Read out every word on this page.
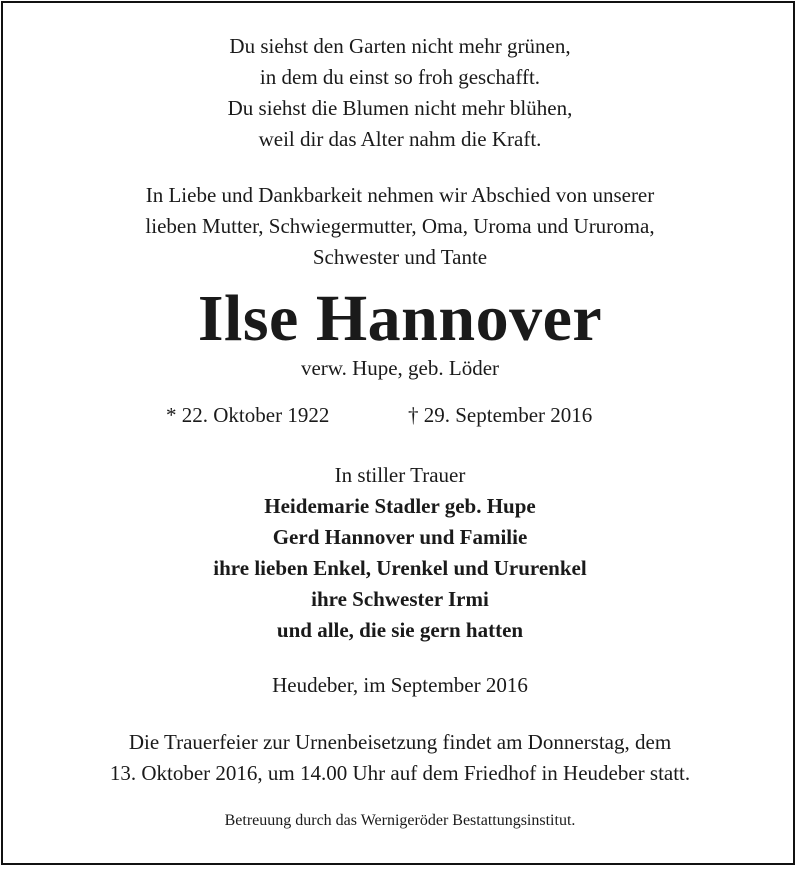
Du siehst den Garten nicht mehr grünen,
in dem du einst so froh geschafft.
Du siehst die Blumen nicht mehr blühen,
weil dir das Alter nahm die Kraft.
In Liebe und Dankbarkeit nehmen wir Abschied von unserer
lieben Mutter, Schwiegermutter, Oma, Uroma und Ururoma,
Schwester und Tante
Ilse Hannover
verw. Hupe, geb. Löder
* 22. Oktober 1922	† 29. September 2016
In stiller Trauer
Heidemarie Stadler geb. Hupe
Gerd Hannover und Familie
ihre lieben Enkel, Urenkel und Ururenkel
ihre Schwester Irmi
und alle, die sie gern hatten
Heudeber, im September 2016
Die Trauerfeier zur Urnenbeisetzung findet am Donnerstag, dem
13. Oktober 2016, um 14.00 Uhr auf dem Friedhof in Heudeber statt.
Betreuung durch das Wernigeröder Bestattungsinstitut.
